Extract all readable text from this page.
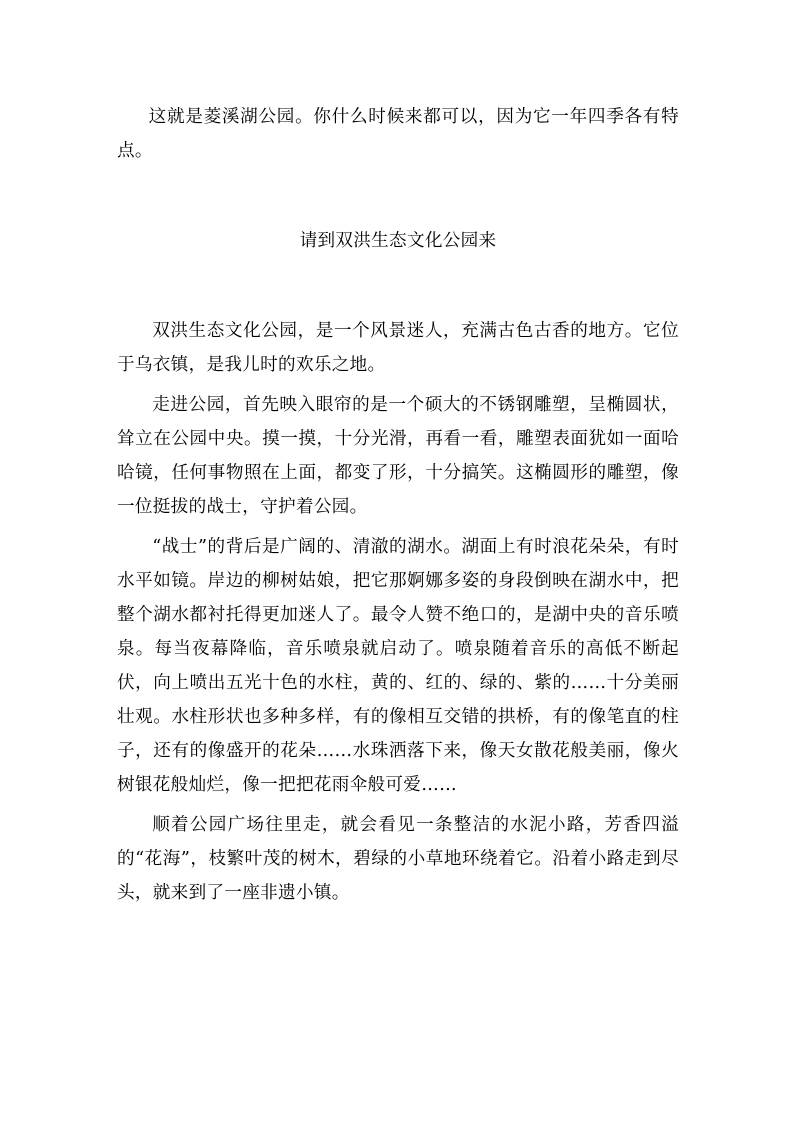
这就是菱溪湖公园。你什么时候来都可以，因为它一年四季各有特点。

请到双洪生态文化公园来

双洪生态文化公园，是一个风景迷人，充满古色古香的地方。它位于乌衣镇，是我儿时的欢乐之地。

走进公园，首先映入眼帘的是一个硕大的不锈钢雕塑，呈椭圆状，耸立在公园中央。摸一摸，十分光滑，再看一看，雕塑表面犹如一面哈哈镜，任何事物照在上面，都变了形，十分搞笑。这椭圆形的雕塑，像一位挺拔的战士，守护着公园。

“战士”的背后是广阔的、清澈的湖水。湖面上有时浪花朵朵，有时水平如镜。岸边的柳树姑娘，把它那婀娜多姿的身段倒映在湖水中，把整个湖水都衬托得更加迷人了。最令人赞不绝口的，是湖中央的音乐喷泉。每当夜幕降临，音乐喷泉就启动了。喷泉随着音乐的高低不断起伏，向上喷出五光十色的水柱，黄的、红的、绿的、紫的……十分美丽壮观。水柱形状也多种多样，有的像相互交错的拱桥，有的像笔直的柱子，还有的像盛开的花朵……水珠洒落下来，像天女散花般美丽，像火树银花般灿烂，像一把把花雨伞般可爱……

顺着公园广场往里走，就会看见一条整洁的水泥小路，芳香四溢的“花海”，枝繁叶茂的树木，碧绿的小草地环绕着它。沿着小路走到尽头，就来到了一座非遗小镇。
